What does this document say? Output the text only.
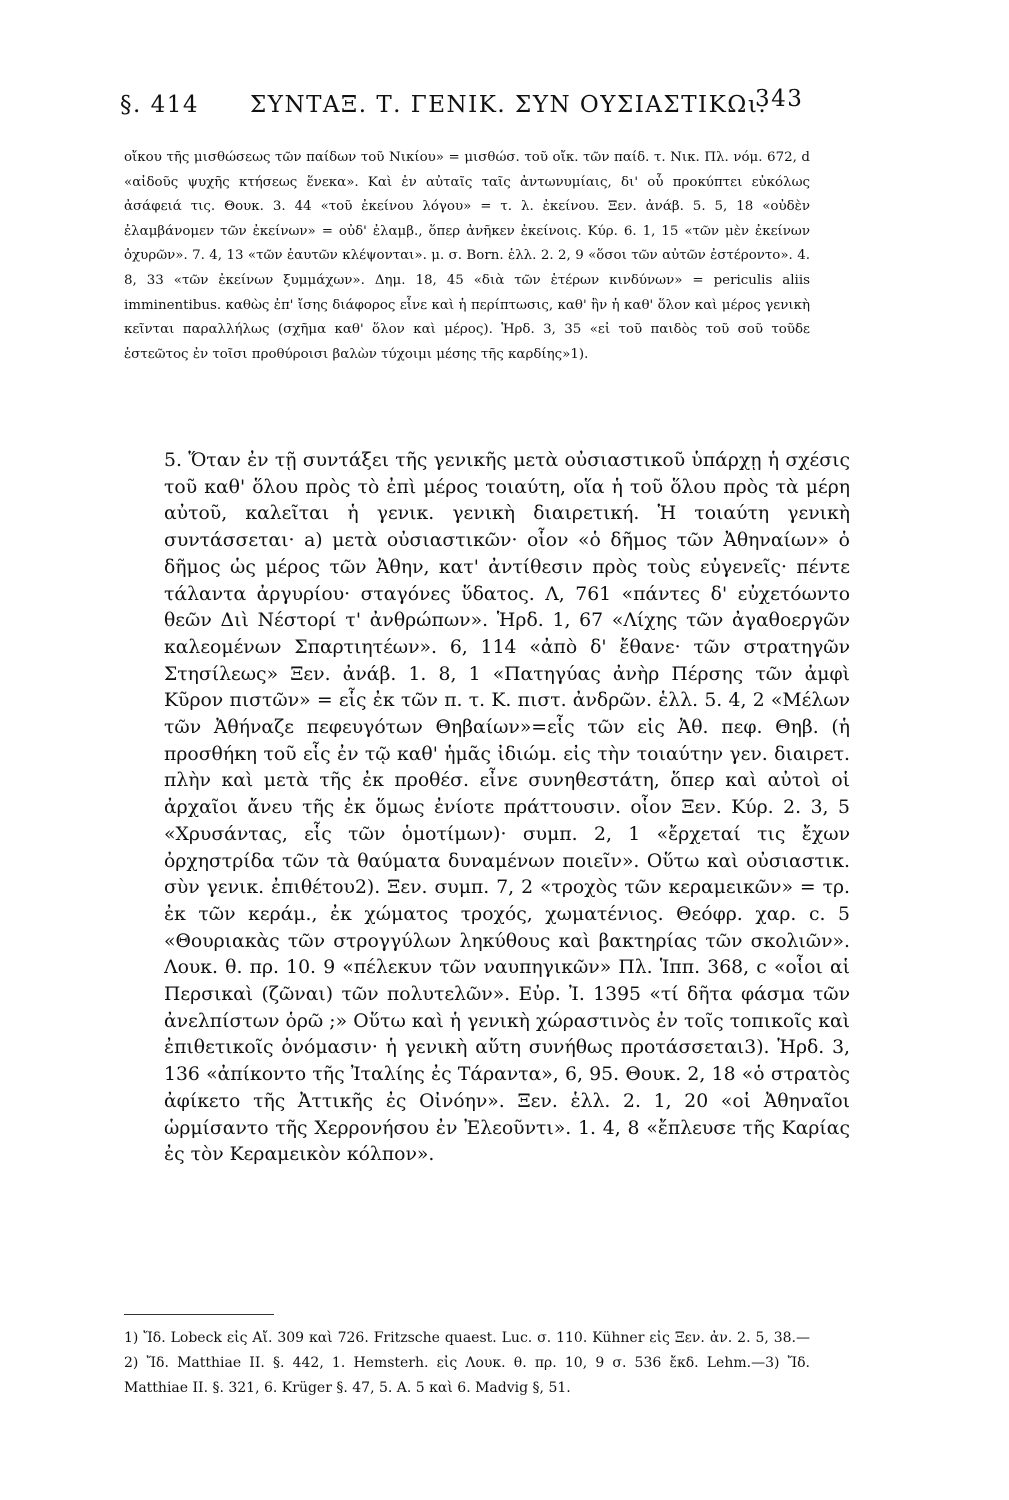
§. 414 ΣΥΝΤΑΞ. Τ. ΓΕΝΙΚ. ΣΥΝ ΟΥΣΙΑΣΤΙΚΩι.
343

οἴκου τῆς μισθώσεως τῶν παίδων τοῦ Νικίου» = μισθώσ. τοῦ οἴκ. τῶν παίδ. τ. Νικ. Πλ. νόμ. 672, d «αἰδοῦς ψυχῆς κτήσεως ἕνεκα». Καὶ ἐν αὐταῖς ταῖς ἀντωνυμίαις, δι' οὗ προκύπτει εὐκόλως ἀσάφειά τις. Θουκ. 3. 44 «τοῦ ἐκείνου λόγου» = τ. λ. ἐκείνου. Ξεν. ἀνάβ. 5. 5, 18 «οὐδὲν ἐλαμβάνομεν τῶν ἐκείνων» = οὐδ' ἐλαμβ., ὅπερ ἀνῆκεν ἐκείνοις. Κύρ. 6. 1, 15 «τῶν μὲν ἐκείνων ὀχυρῶν». 7. 4, 13 «τῶν ἑαυτῶν κλέψονται». μ. σ. Born. ἑλλ. 2. 2, 9 «ὅσοι τῶν αὐτῶν ἐστέροντο». 4. 8, 33 «τῶν ἐκείνων ξυμμάχων». Δημ. 18, 45 «διὰ τῶν ἑτέρων κινδύνων» = periculis aliis imminentibus. καθὼς ἐπ' ἴσης διάφορος εἶνε καὶ ἡ περίπτωσις, καθ' ἣν ἡ καθ' ὅλον καὶ μέρος γενικὴ κεῖνται παραλλήλως (σχῆμα καθ' ὅλον καὶ μέρος). Ἡρδ. 3, 35 «εἰ τοῦ παιδὸς τοῦ σοῦ τοῦδε ἑστεῶτος ἐν τοῖσι προθύροισι βαλὼν τύχοιμι μέσης τῆς καρδίης»1).

5. Ὅταν ἐν τῇ συντάξει τῆς γενικῆς μετὰ οὐσιαστικοῦ ὑπάρχῃ ἡ σχέσις τοῦ καθ' ὅλου πρὸς τὸ ἐπὶ μέρος τοιαύτη, οἵα ἡ τοῦ ὅλου πρὸς τὰ μέρη αὐτοῦ, καλεῖται ἡ γενικ. γενικὴ διαιρετική. Ἡ τοιαύτη γενικὴ συντάσσεται· a) μετὰ οὐσιαστικῶν· οἷον «ὁ δῆμος τῶν Ἀθηναίων» ὁ δῆμος ὡς μέρος τῶν Ἀθην, κατ' ἀντίθεσιν πρὸς τοὺς εὐγενεῖς· πέντε τάλαντα ἀργυρίου· σταγόνες ὕδατος. Λ, 761 «πάντες δ' εὐχετόωντο θεῶν Διὶ Νέστορί τ' ἀνθρώπων». Ἡρδ. 1, 67 «Λίχης τῶν ἀγαθοεργῶν καλεομένων Σπαρτιητέων». 6, 114 «ἀπὸ δ' ἔθανε· τῶν στρατηγῶν Στησίλεως» Ξεν. ἀνάβ. 1. 8, 1 «Πατηγύας ἀνὴρ Πέρσης τῶν ἀμφὶ Κῦρον πιστῶν» = εἷς ἐκ τῶν π. τ. Κ. πιστ. ἀνδρῶν. ἑλλ. 5. 4, 2 «Μέλων τῶν Ἀθήναζε πεφευγότων Θηβαίων»=εἷς τῶν εἰς Ἀθ. πεφ. Θηβ. (ἡ προσθήκη τοῦ εἷς ἐν τῷ καθ' ἡμᾶς ἰδιώμ. εἰς τὴν τοιαύτην γεν. διαιρετ. πλὴν καὶ μετὰ τῆς ἐκ προθέσ. εἶνε συνηθεστάτη, ὅπερ καὶ αὐτοὶ οἱ ἀρχαῖοι ἄνευ τῆς ἐκ ὅμως ἐνίοτε πράττουσιν. οἷον Ξεν. Κύρ. 2. 3, 5 «Χρυσάντας, εἷς τῶν ὁμοτίμων)· συμπ. 2, 1 «ἔρχεταί τις ἔχων ὀρχηστρίδα τῶν τὰ θαύματα δυναμένων ποιεῖν». Οὕτω καὶ οὐσιαστικ. σὺν γενικ. ἐπιθέτου2). Ξεν. συμπ. 7, 2 «τροχὸς τῶν κεραμεικῶν» = τρ. ἐκ τῶν κεράμ., ἐκ χώματος τροχός, χωματένιος. Θεόφρ. χαρ. c. 5 «Θουριακὰς τῶν στρογγύλων ληκύθους καὶ βακτηρίας τῶν σκολιῶν». Λουκ. θ. πρ. 10. 9 «πέλεκυν τῶν ναυπηγικῶν» Πλ. Ἱππ. 368, c «οἷοι αἱ Περσικαὶ (ζῶναι) τῶν πολυτελῶν». Εὐρ. Ἰ. 1395 «τί δῆτα φάσμα τῶν ἀνελπίστων ὁρῶ ;» Οὕτω καὶ ἡ γενικὴ χώραστινὸς ἐν τοῖς τοπικοῖς καὶ ἐπιθετικοῖς ὀνόμασιν· ἡ γενικὴ αὕτη συνήθως προτάσσεται3). Ἡρδ. 3, 136 «ἀπίκοντο τῆς Ἰταλίης ἐς Τάραντα», 6, 95. Θουκ. 2, 18 «ὁ στρατὸς ἀφίκετο τῆς Ἀττικῆς ἐς Οἰνόην». Ξεν. ἑλλ. 2. 1, 20 «οἱ Ἀθηναῖοι ὡρμίσαντο τῆς Χερρονήσου ἐν Ἐλεοῦντι». 1. 4, 8 «ἔπλευσε τῆς Καρίας ἐς τὸν Κεραμεικὸν κόλπον».

1) Ἴδ. Lobeck εἰς Αἴ. 309 καὶ 726. Fritzsche quaest. Luc. σ. 110. Kühner εἰς Ξεν. ἀν. 2. 5, 38.—2) Ἴδ. Matthiae II. §. 442, 1. Hemsterh. εἰς Λουκ. θ. πρ. 10, 9 σ. 536 ἔκδ. Lehm.—3) Ἴδ. Matthiae II. §. 321, 6. Krüger §. 47, 5. A. 5 καὶ 6. Madvig §, 51.
